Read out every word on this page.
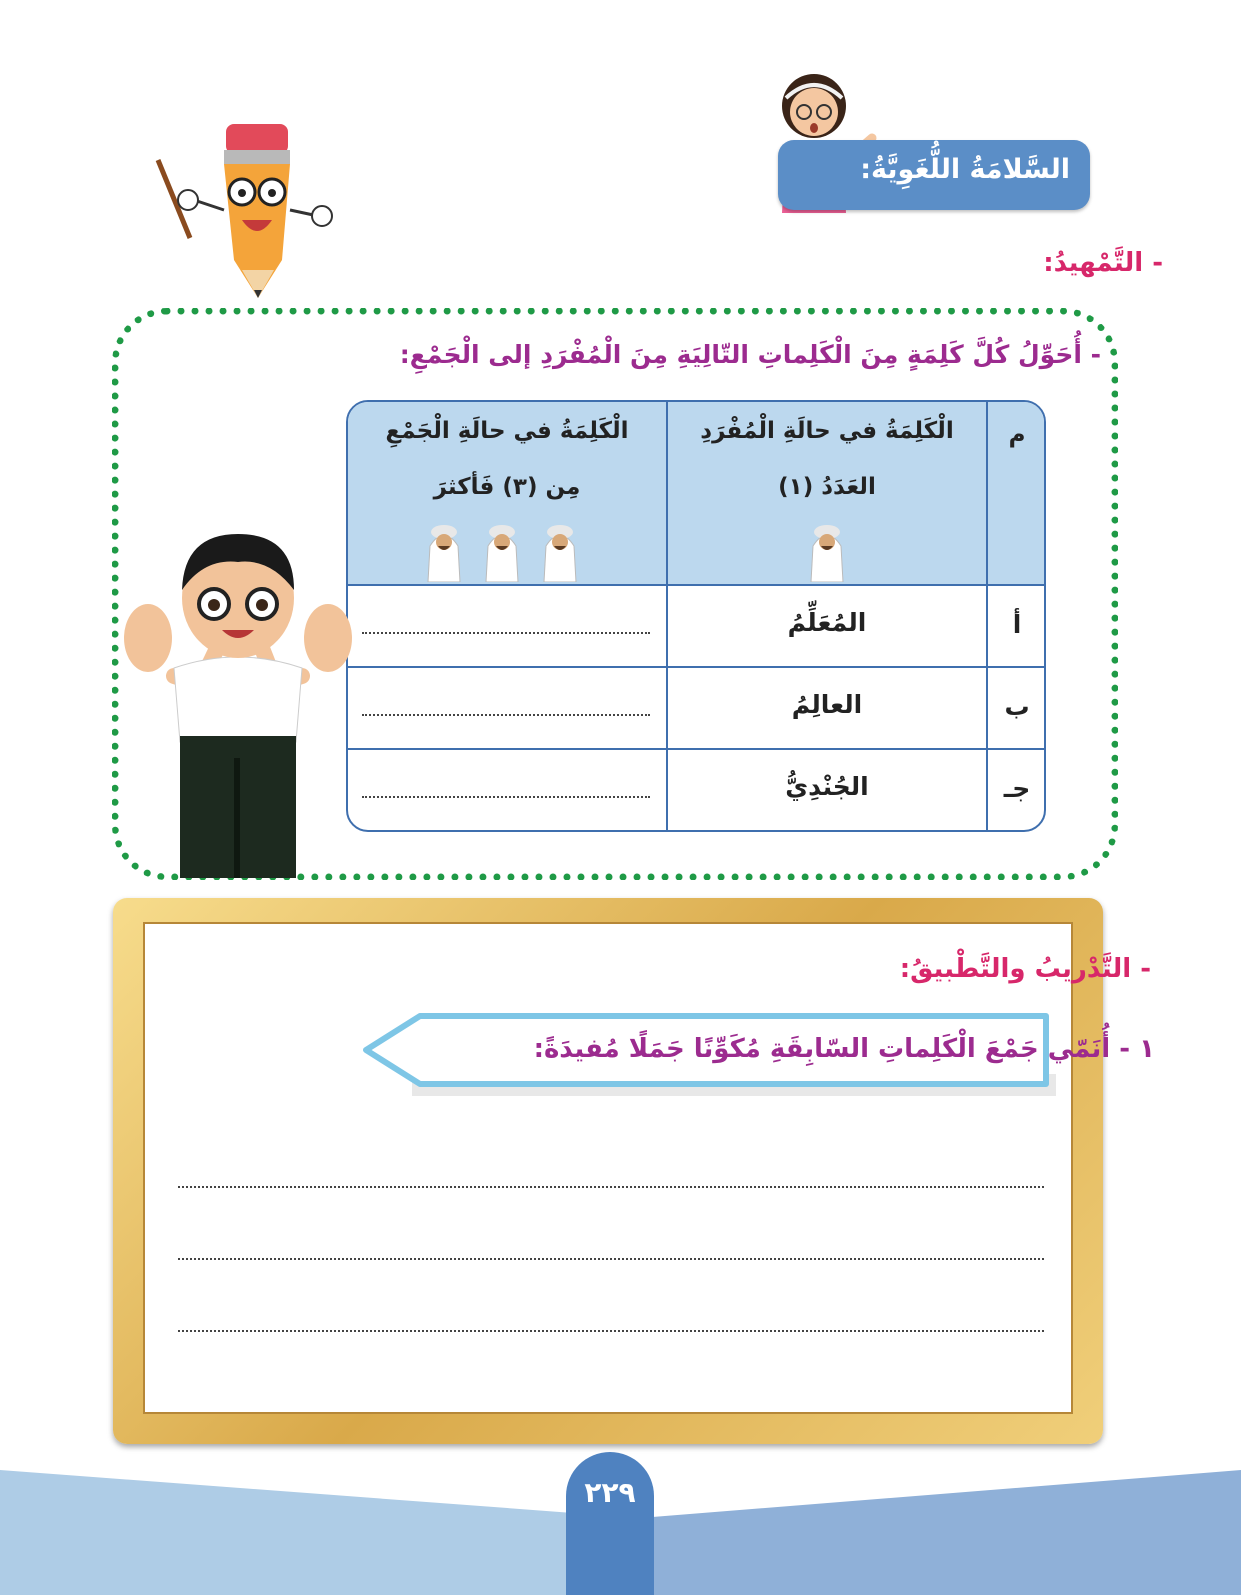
السَّلامَةُ اللُّغَوِيَّةُ:
- التَّمْهيدُ:
- أُحَوِّلُ كُلَّ كَلِمَةٍ مِنَ الْكَلِماتِ التّالِيَةِ مِنَ الْمُفْرَدِ إلى الْجَمْعِ:
م
الْكَلِمَةُ في حالَةِ الْمُفْرَدِ
العَدَدُ (١)
الْكَلِمَةُ في حالَةِ الْجَمْعِ
مِن (٣) فَأكثرَ
أ
المُعَلِّمُ
ب
العالِمُ
جـ
الجُنْدِيُّ
- التَّدْريبُ والتَّطْبيقُ:
١ - أُنَمّي جَمْعَ الْكَلِماتِ السّابِقَةِ مُكَوِّنًا جَمَلًا مُفيدَةً:
٢٢٩
